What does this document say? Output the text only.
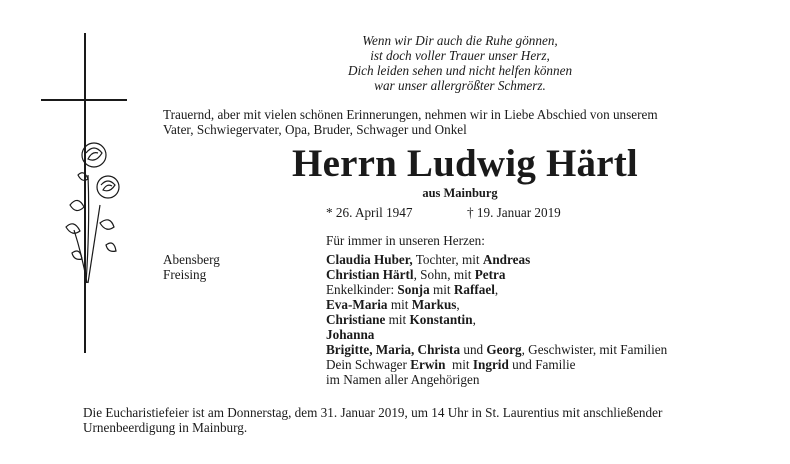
Wenn wir Dir auch die Ruhe gönnen,
ist doch voller Trauer unser Herz,
Dich leiden sehen und nicht helfen können
war unser allergrößter Schmerz.
Trauernd, aber mit vielen schönen Erinnerungen, nehmen wir in Liebe Abschied von unserem
Vater, Schwiegervater, Opa, Bruder, Schwager und Onkel
Herrn Ludwig Härtl
aus Mainburg
* 26. April 1947	† 19. Januar 2019
Für immer in unseren Herzen:
Abensberg
Freising
Claudia Huber, Tochter, mit Andreas
Christian Härtl, Sohn, mit Petra
Enkelkinder: Sonja mit Raffael,
Eva-Maria mit Markus,
Christiane mit Konstantin,
Johanna
Brigitte, Maria, Christa und Georg, Geschwister, mit Familien
Dein Schwager Erwin  mit Ingrid und Familie
im Namen aller Angehörigen
Die Eucharistiefeier ist am Donnerstag, dem 31. Januar 2019, um 14 Uhr in St. Laurentius mit anschließender
Urnenbeerdigung in Mainburg.
